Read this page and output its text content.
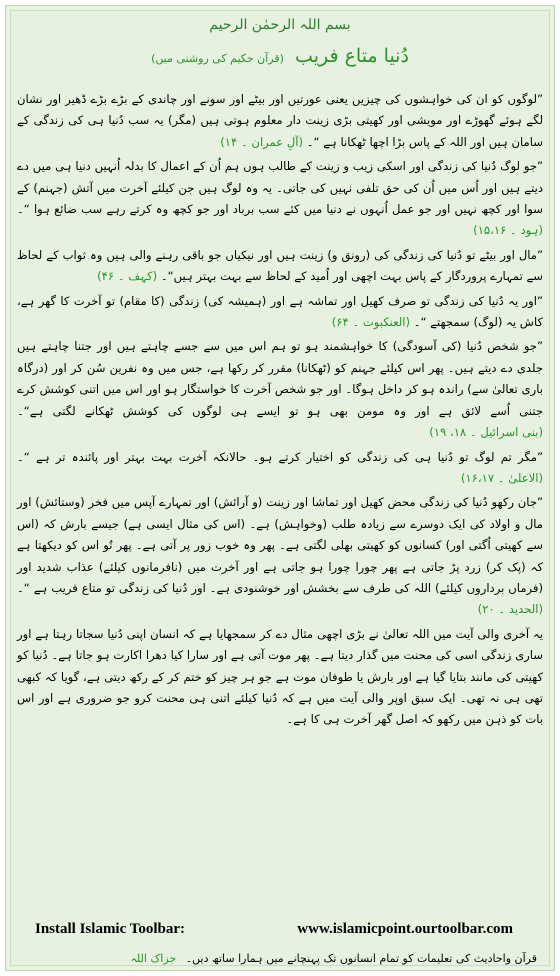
بسم اللہ الرحمٰن الرحیم
دُنیا متاع فریب (قرآن حکیم کی روشنی میں)

”لوگوں کو ان کی خواہشوں کی چیزیں یعنی عورتیں اور بیٹے اور سونے اور چاندی کے بڑے بڑے ڈھیر اور نشان لگے ہوئے گھوڑے اور مویشی اور کھیتی بڑی زینت دار معلوم ہوتی ہیں (مگر) یہ سب دُنیا ہی کی زندگی کے سامان ہیں اور اللہ کے پاس بڑا اچھا ٹھکانا ہے “۔ (آلِ عمران ۔ ۱۴)

”جو لوگ دُنیا کی زندگی اور اسکی زیب و زینت کے طالب ہوں ہم اُن کے اعمال کا بدلہ اُنہیں دنیا ہی میں دے دیتے ہیں اور اُس میں اُن کی حق تلفی نہیں کی جاتی۔ یہ وہ لوگ ہیں جن کیلئے آخرت میں آتش (جہنم) کے سوا اور کچھ نہیں اور جو عمل اُنہوں نے دنیا میں کئے سب برباد اور جو کچھ وہ کرتے رہے سب ضائع ہوا “۔ (ہود ۔ ۱۵،۱۶)

”مال اور بیٹے تو دُنیا کی زندگی کی (رونق و) زینت ہیں اور نیکیاں جو باقی رہنے والی ہیں وہ ثواب کے لحاظ سے تمہارے پروردگار کے پاس بہت اچھی اور اُمید کے لحاظ سے بہت بہتر ہیں“۔ (کہف ۔ ۴۶)

”اور یہ دُنیا کی زندگی تو صرف کھیل اور تماشہ ہے اور (ہمیشہ کی) زندگی (کا مقام) تو آخرت کا گھر ہے، کاش یہ (لوگ) سمجھتے “۔ (العنکبوت ۔ ۶۴)

”جو شخص دُنیا (کی آسودگی) کا خواہشمند ہو تو ہم اس میں سے جسے چاہتے ہیں اور جتنا چاہتے ہیں جلدی دے دیتے ہیں۔ پھر اس کیلئے جہنم کو (ٹھکانا) مقرر کر رکھا ہے، جس میں وہ نفرین سُن کر اور (درگاہ باری تعالیٰ سے) راندہ ہو کر داخل ہوگا۔ اور جو شخص آخرت کا خواستگار ہو اور اس میں اتنی کوشش کرے جتنی اُسے لائق ہے اور وہ مومن بھی ہو تو ایسے ہی لوگوں کی کوشش ٹھکانے لگتی ہے“۔ (بنی اسرائیل ۔ ۱۸، ۱۹)

”مگر تم لوگ تو دُنیا ہی کی زندگی کو اختیار کرتے ہو۔ حالانکہ آخرت بہت بہتر اور پائندہ تر ہے “۔ (الاعلیٰ ۔ ۱۶،۱۷)

”جان رکھو دُنیا کی زندگی محض کھیل اور تماشا اور زینت (و آرائش) اور تمہارے آپس میں فخر (وستائش) اور مال و اولاد کی ایک دوسرے سے زیادہ طلب (وخواہش) ہے۔ (اس کی مثال ایسی ہے) جیسے بارش کہ (اس سے کھیتی اُگتی اور) کسانوں کو کھیتی بھلی لگتی ہے۔ پھر وہ خوب زور پر آتی ہے۔ پھر تُو اس کو دیکھتا ہے کہ (پک کر) زرد پڑ جاتی ہے پھر چورا چورا ہو جاتی ہے اور آخرت میں (نافرمانوں کیلئے) عذاب شدید اور (فرماں برداروں کیلئے) اللہ کی طرف سے بخشش اور خوشنودی ہے۔ اور دُنیا کی زندگی تو متاع فریب ہے “۔ (الحدید ۔ ۲۰)

یہ آخری والی آیت میں اللہ تعالیٰ نے بڑی اچھی مثال دے کر سمجھایا ہے کہ انسان اپنی دُنیا سجاتا رہتا ہے اور ساری زندگی اسی کی محنت میں گذار دیتا ہے۔ پھر موت آتی ہے اور سارا کیا دھرا اکارت ہو جاتا ہے۔ دُنیا کو کھیتی کی مانند بتایا گیا ہے اور بارش یا طوفان موت ہے جو ہر چیز کو ختم کر کے رکھ دیتی ہے، گویا کہ کبھی تھی ہی نہ تھی۔ ایک سبق اوپر والی آیت میں ہے کہ دُنیا کیلئے اتنی ہی محنت کرو جو ضروری ہے اور اس بات کو ذہن میں رکھو کہ اصل گھر آخرت ہی کا ہے۔

Install Islamic Toolbar:	www.islamicpoint.ourtoolbar.com
قرآن واحادیث کی تعلیمات کو تمام انسانوں تک پہنچانے میں ہمارا ساتھ دیں۔ جزاک اللہ
